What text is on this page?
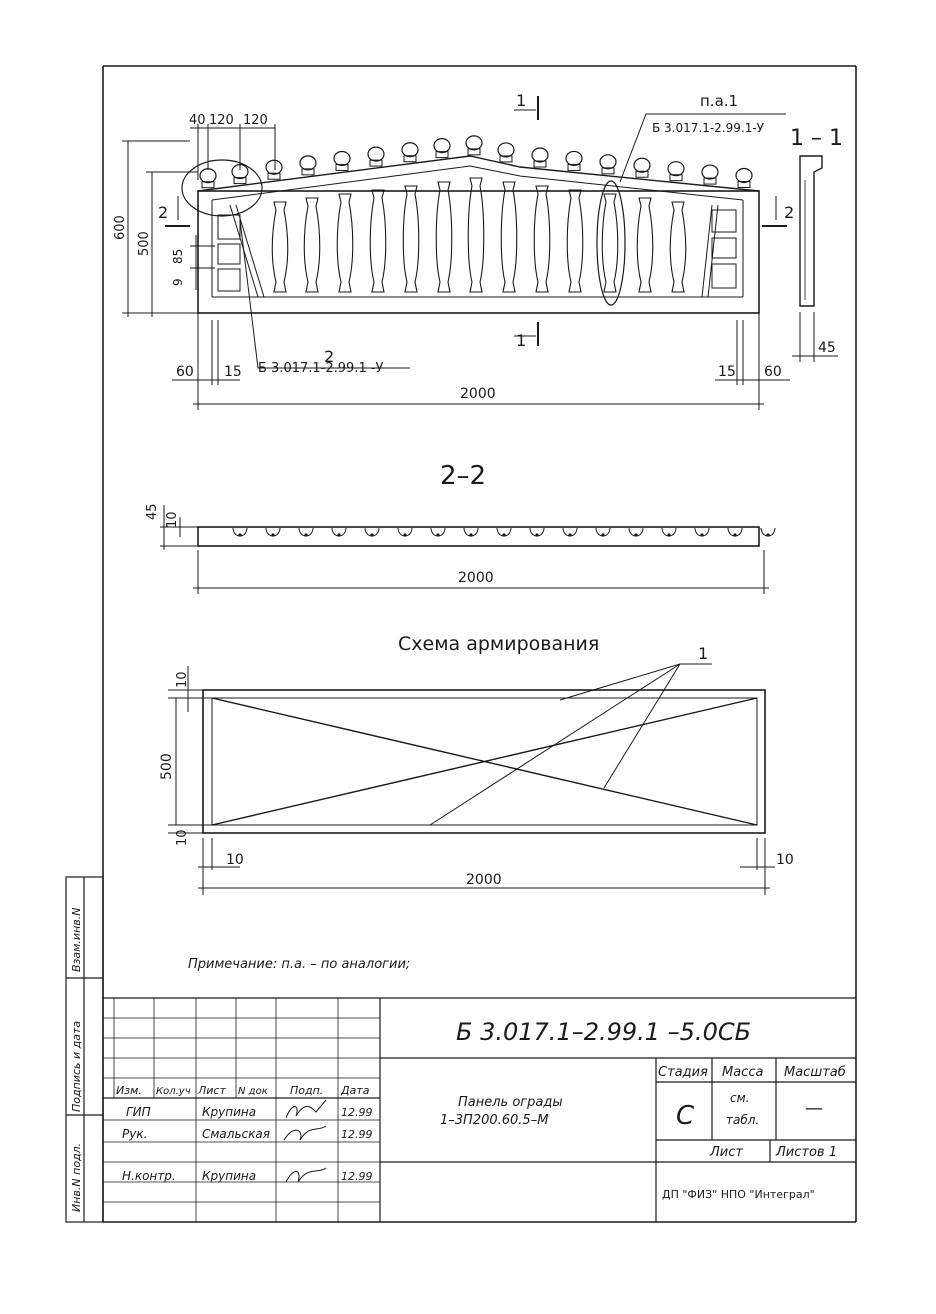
1
1
1 – 1
2	2
п.а.1
Б 3.017.1-2.99.1-У
2
Б 3.017.1-2.99.1 -У
40 120 120
600
500
9
85
60 15	15 60
2000
45
2–2
45 10
2000
Схема армирования	1
10
500
10
10	10
2000
Примечание: п.а. – по аналогии;
Инв.N подл.
Подпись и дата
Взам.инв.N
Б 3.017.1–2.99.1 –5.0СБ
Панель ограды
1–3П200.60.5–М
Изм. Кол.уч Лист N док Подп. Дата
ГИП	Крупина	12.99
Рук.	Смальская	12.99
Н.контр. Крупина	12.99
Стадия Масса Масштаб
С
см.
табл.
—
Лист	Листов 1
ДП "ФИЗ" НПО "Интеграл"
